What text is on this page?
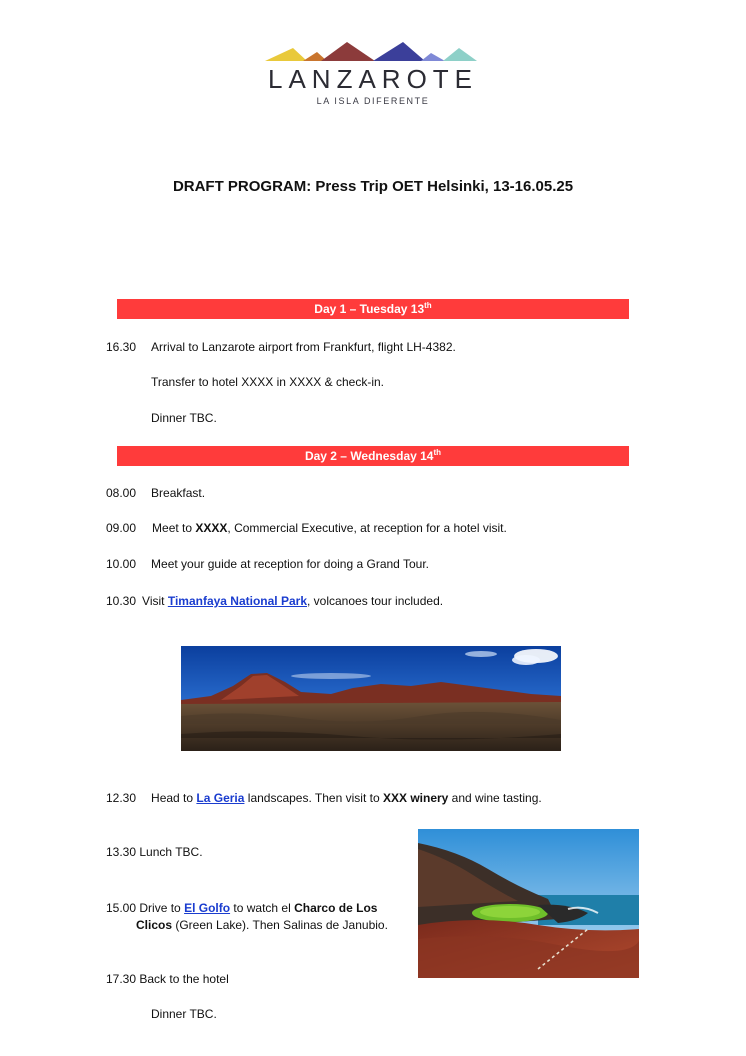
LANZAROTE
LA ISLA DIFERENTE
DRAFT PROGRAM: Press Trip OET Helsinki, 13-16.05.25
Day 1 – Tuesday 13th
16.30 Arrival to Lanzarote airport from Frankfurt, flight LH-4382.
Transfer to hotel XXXX in XXXX & check-in.
Dinner TBC.
Day 2 – Wednesday 14th
08.00 Breakfast.
09.00 Meet to XXXX, Commercial Executive, at reception for a hotel visit.
10.00 Meet your guide at reception for doing a Grand Tour.
10.30 Visit Timanfaya National Park, volcanoes tour included.
12.30 Head to La Geria landscapes. Then visit to XXX winery and wine tasting.
13.30 Lunch TBC.
15.00 Drive to El Golfo to watch el Charco de Los
Clicos (Green Lake). Then Salinas de Janubio.
17.30 Back to the hotel
Dinner TBC.
